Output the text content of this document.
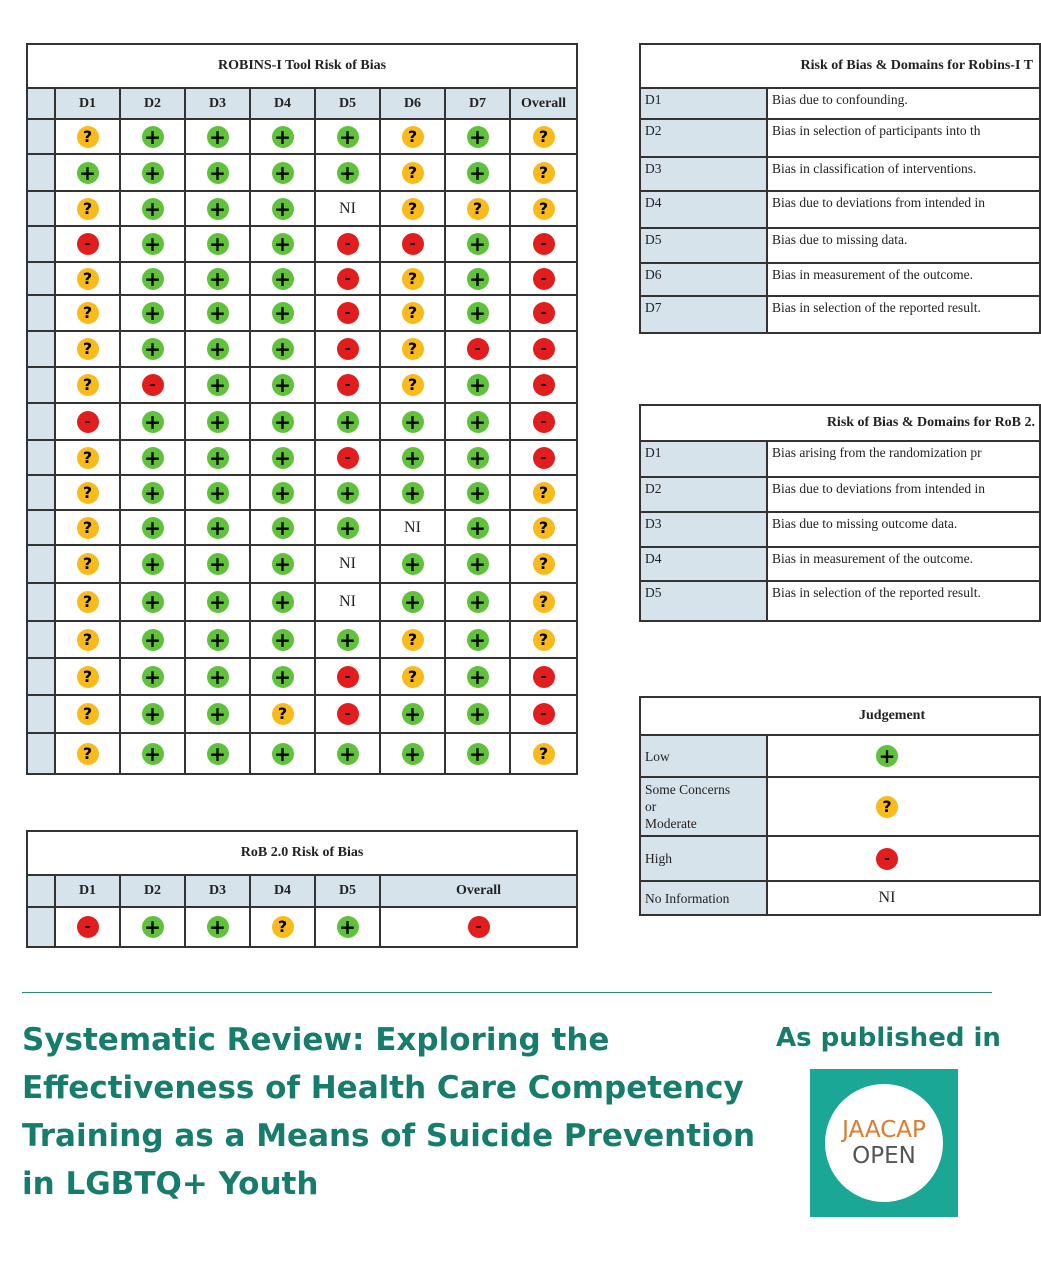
ROBINS-I Tool Risk of Bias								
	D1	D2	D3	D4	D5	D6	D7	Overall
	?	+	+	+	+	?	+	?
	+	+	+	+	+	?	+	?
	?	+	+	+	NI	?	?	?
	-	+	+	+	-	-	+	-
	?	+	+	+	-	?	+	-
	?	+	+	+	-	?	+	-
	?	+	+	+	-	?	-	-
	?	-	+	+	-	?	+	-
	-	+	+	+	+	+	+	-
	?	+	+	+	-	+	+	-
	?	+	+	+	+	+	+	?
	?	+	+	+	+	NI	+	?
	?	+	+	+	NI	+	+	?
	?	+	+	+	NI	+	+	?
	?	+	+	+	+	?	+	?
	?	+	+	+	-	?	+	-
	?	+	+	?	-	+	+	-
	?	+	+	+	+	+	+	?
RoB 2.0 Risk of Bias						
	D1	D2	D3	D4	D5	Overall
	-	+	+	?	+	-
Risk of Bias & Domains for Robins-I T	
D1	Bias due to confounding.
D2	Bias in selection of participants into th
D3	Bias in classification of interventions.
D4	Bias due to deviations from intended in
D5	Bias due to missing data.
D6	Bias in measurement of the outcome.
D7	Bias in selection of the reported result.
Risk of Bias & Domains for RoB 2.	
D1	Bias arising from the randomization pr
D2	Bias due to deviations from intended in
D3	Bias due to missing outcome data.
D4	Bias in measurement of the outcome.
D5	Bias in selection of the reported result.
Judgement	
Low	+

Some Concerns
or
Moderate	?

High	-

No Information	NI
Systematic Review: Exploring the Effectiveness of Health Care Competency Training as a Means of Suicide Prevention in LGBTQ+ Youth
As published in
JAACAP
OPEN
